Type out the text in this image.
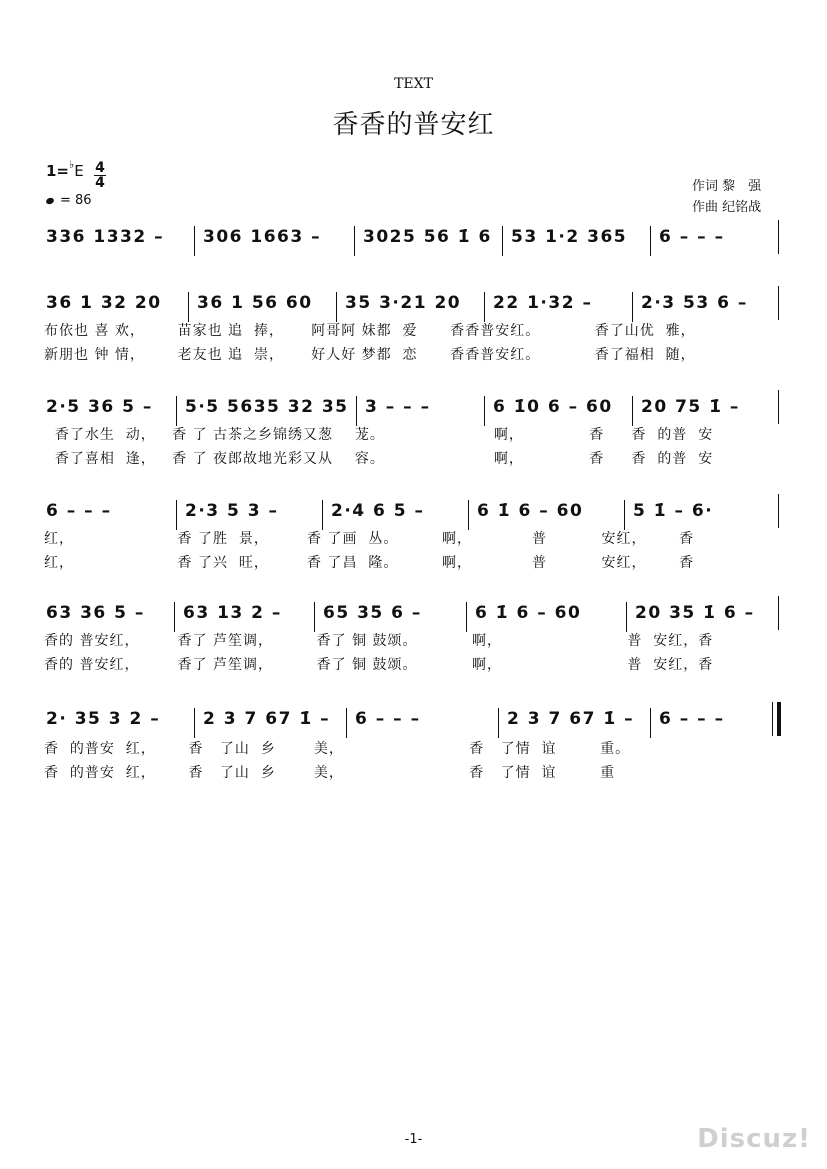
TEXT
香香的普安红
1=♭E 4
4
= 86
作词 黎　强
作曲 纪铭战
336 1332 –	306 1663 –	3025 56 1̇ 6	53 1·2 365	6 – – –
36 1 32 20	36 1 56 60	35 3·21 20	22 1·32 –	2·3 53 6 –
布依也 喜 欢，      苗家也 追  捧，     阿哥阿 妹都  爱      香香普安红。          香了山优  雅，
新朋也 钟 情，      老友也 追  崇，     好人好 梦都  恋      香香普安红。          香了福相  随，
2·5 36 5 –	5·5 5635 32 35 3 – – –	6 1̇0 6 – 60	20 75 1̇ –
香了水生  动，   香 了 古茶之乡锦绣又葱    茏。                    啊，            香     香  的普  安
香了喜相  逢，   香 了 夜郎故地光彩又从    容。                    啊，            香     香  的普  安
6 – – –	2·3 5 3 –	2·4 6 5 –	6 1̇ 6 – 60	5 1̇ – 6·
红，                   香 了胜  景，       香 了画  丛。        啊，           普          安红，      香
红，                   香 了兴  旺，       香 了昌  隆。        啊，           普          安红，      香
63 36 5 –	63 13 2 –	65 35 6 –	6 1̇ 6 – 60	20 35 1̇ 6 –
香的 普安红，       香了 芦笙调，        香了 铜 鼓颂。          啊，                       普  安红，香
香的 普安红，       香了 芦笙调，        香了 铜 鼓颂。          啊，                       普  安红，香
2· 35 3 2 –	2 3 7 67 1̇ –	6 – – –	2 3 7 67 1̇ –	6 – – –
香  的普安  红，      香   了山  乡       美，                       香   了情  谊        重。
香  的普安  红，      香   了山  乡       美，                       香   了情  谊        重
-1-	Discuz!
